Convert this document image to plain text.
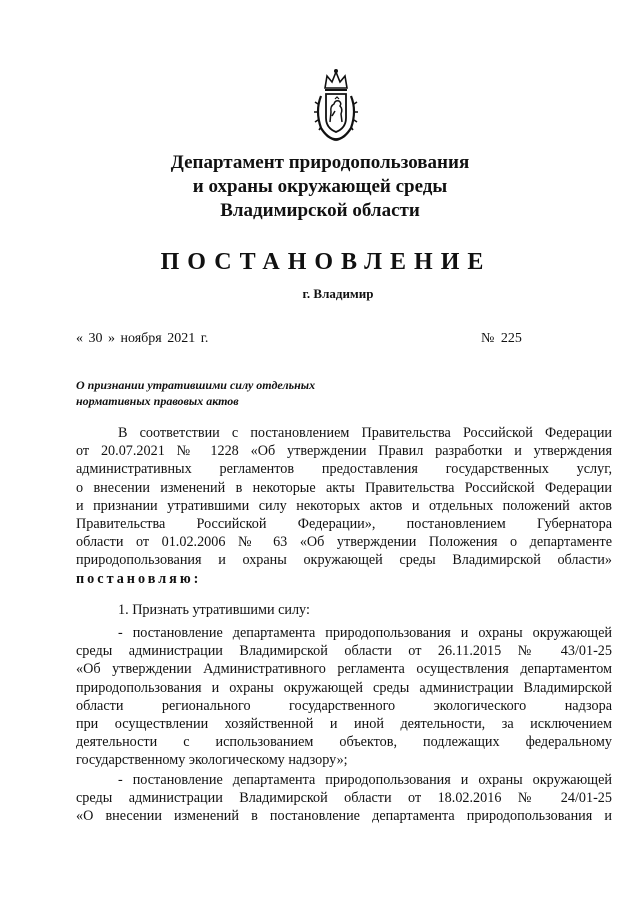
Департамент природопользования
и охраны окружающей среды
Владимирской области
ПОСТАНОВЛЕНИЕ
г. Владимир
« 30 » ноября 2021 г.	№ 225
О признании утратившими силу отдельных
нормативных правовых актов
В соответствии с постановлением Правительства Российской Федерации
от 20.07.2021 № 1228 «Об утверждении Правил разработки и утверждения
административных регламентов предоставления государственных услуг,
о внесении изменений в некоторые акты Правительства Российской Федерации
и признании утратившими силу некоторых актов и отдельных положений актов
Правительства Российской Федерации», постановлением Губернатора
области от 01.02.2006 № 63 «Об утверждении Положения о департаменте
природопользования и охраны окружающей среды Владимирской области»
постановляю:
1. Признать утратившими силу:
- постановление департамента природопользования и охраны окружающей
среды администрации Владимирской области от 26.11.2015 № 43/01-25
«Об утверждении Административного регламента осуществления департаментом
природопользования и охраны окружающей среды администрации Владимирской
области регионального государственного экологического надзора
при осуществлении хозяйственной и иной деятельности, за исключением
деятельности с использованием объектов, подлежащих федеральному
государственному экологическому надзору»;
- постановление департамента природопользования и охраны окружающей
среды администрации Владимирской области от 18.02.2016 № 24/01-25
«О внесении изменений в постановление департамента природопользования и
